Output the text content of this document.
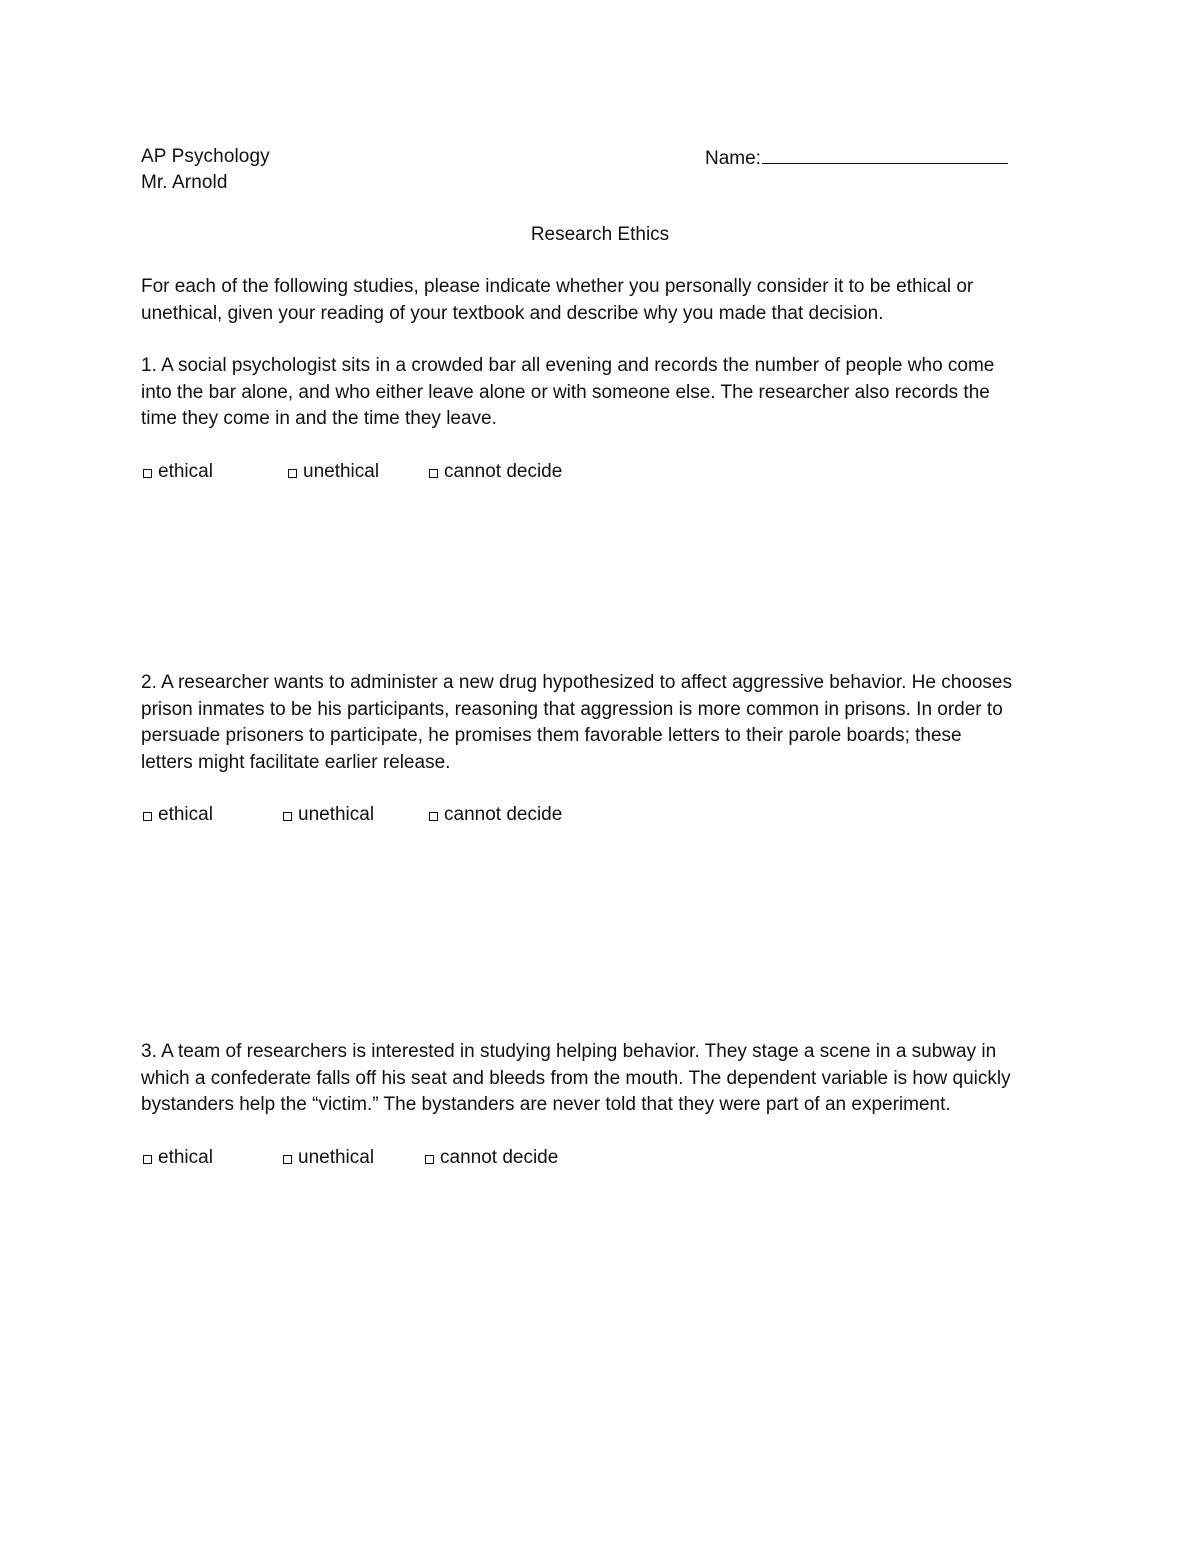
AP Psychology
Mr. Arnold
Name:
Research Ethics
For each of the following studies, please indicate whether you personally consider it to be ethical or
unethical, given your reading of your textbook and describe why you made that decision.
1. A social psychologist sits in a crowded bar all evening and records the number of people who come
into the bar alone, and who either leave alone or with someone else. The researcher also records the
time they come in and the time they leave.
ethical	unethical	cannot decide
2. A researcher wants to administer a new drug hypothesized to affect aggressive behavior. He chooses
prison inmates to be his participants, reasoning that aggression is more common in prisons. In order to
persuade prisoners to participate, he promises them favorable letters to their parole boards; these
letters might facilitate earlier release.
ethical	unethical	cannot decide
3. A team of researchers is interested in studying helping behavior. They stage a scene in a subway in
which a confederate falls off his seat and bleeds from the mouth. The dependent variable is how quickly
bystanders help the “victim.” The bystanders are never told that they were part of an experiment.
ethical	unethical	cannot decide
